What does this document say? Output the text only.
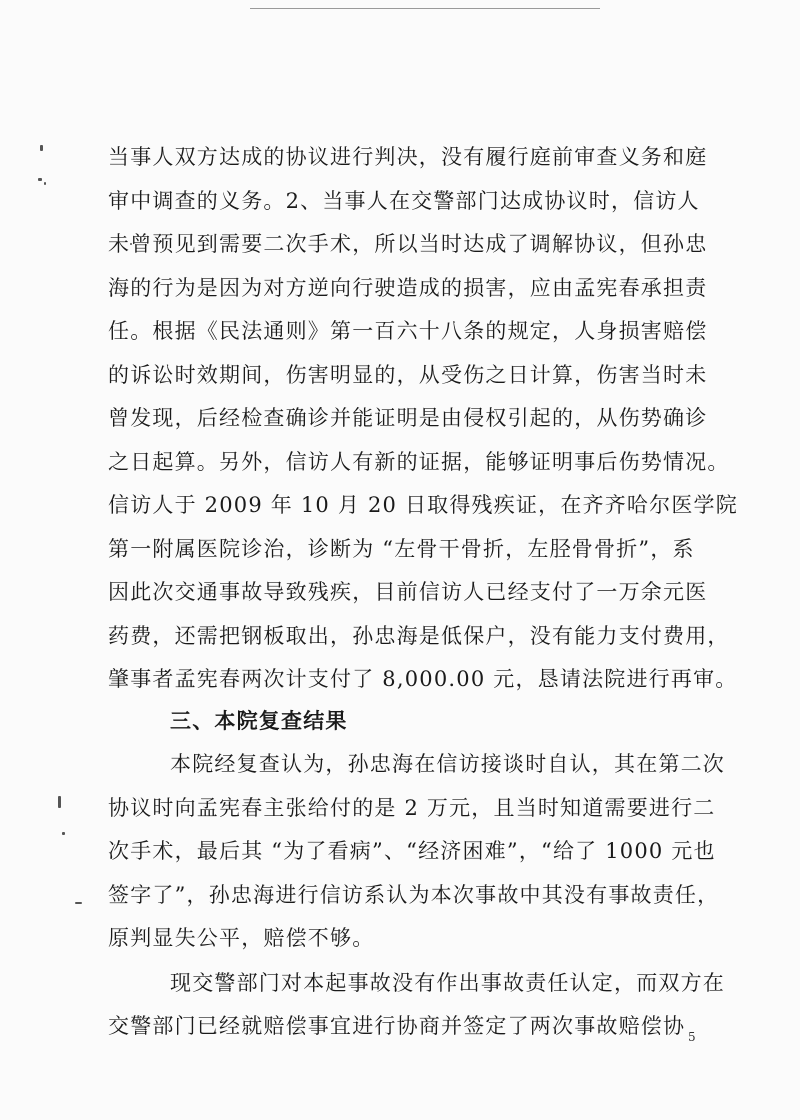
当事人双方达成的协议进行判决，没有履行庭前审查义务和庭
审中调查的义务。2、当事人在交警部门达成协议时，信访人
未曾预见到需要二次手术，所以当时达成了调解协议，但孙忠
海的行为是因为对方逆向行驶造成的损害，应由孟宪春承担责
任。根据《民法通则》第一百六十八条的规定，人身损害赔偿
的诉讼时效期间，伤害明显的，从受伤之日计算，伤害当时未
曾发现，后经检查确诊并能证明是由侵权引起的，从伤势确诊
之日起算。另外，信访人有新的证据，能够证明事后伤势情况。
信访人于 2009 年 10 月 20 日取得残疾证，在齐齐哈尔医学院
第一附属医院诊治，诊断为 “左骨干骨折，左胫骨骨折”，系
因此次交通事故导致残疾，目前信访人已经支付了一万余元医
药费，还需把钢板取出，孙忠海是低保户，没有能力支付费用，
肇事者孟宪春两次计支付了 8,000.00 元，恳请法院进行再审。
三、本院复查结果
本院经复查认为，孙忠海在信访接谈时自认，其在第二次
协议时向孟宪春主张给付的是 2 万元，且当时知道需要进行二
次手术，最后其 “为了看病”、“经济困难”，“给了 1000 元也
签字了”，孙忠海进行信访系认为本次事故中其没有事故责任，
原判显失公平，赔偿不够。
现交警部门对本起事故没有作出事故责任认定，而双方在
交警部门已经就赔偿事宜进行协商并签定了两次事故赔偿协 5
